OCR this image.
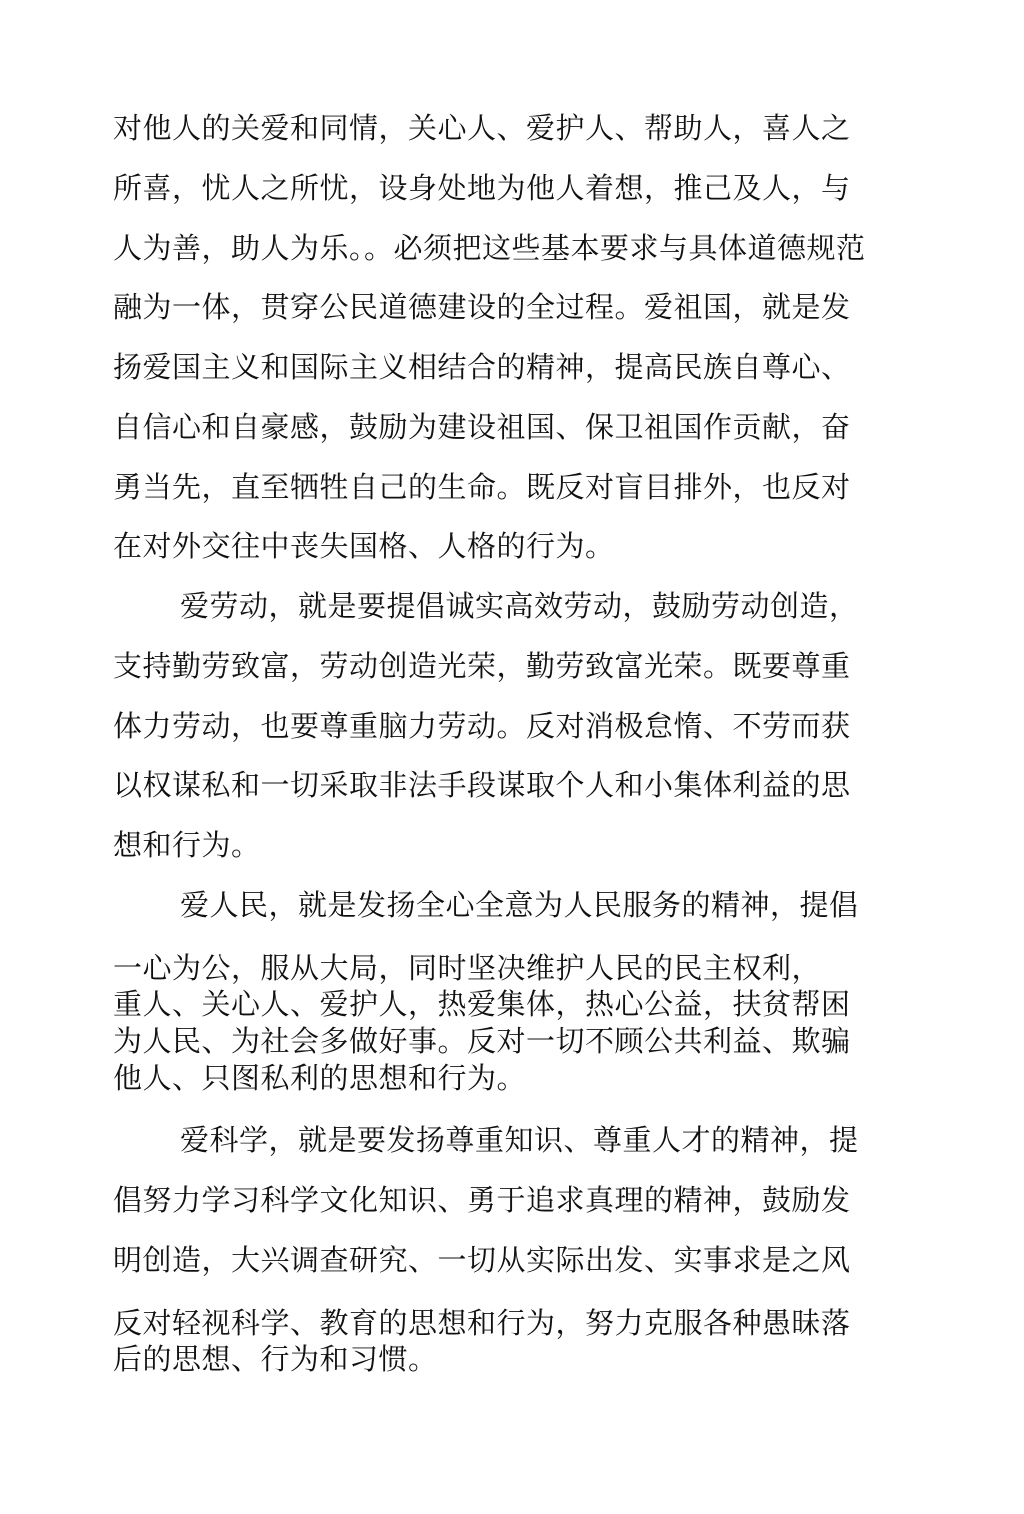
对他人的关爱和同情，关心人、爱护人、帮助人，喜人之
所喜，忧人之所忧，设身处地为他人着想，推己及人，与
人为善，助人为乐。。必须把这些基本要求与具体道德规范
融为一体，贯穿公民道德建设的全过程。爱祖国，就是发
扬爱国主义和国际主义相结合的精神，提高民族自尊心、
自信心和自豪感，鼓励为建设祖国、保卫祖国作贡献，奋
勇当先，直至牺牲自己的生命。既反对盲目排外，也反对
在对外交往中丧失国格、人格的行为。
爱劳动，就是要提倡诚实高效劳动，鼓励劳动创造，
支持勤劳致富，劳动创造光荣，勤劳致富光荣。既要尊重
体力劳动，也要尊重脑力劳动。反对消极怠惰、不劳而获
以权谋私和一切采取非法手段谋取个人和小集体利益的思
想和行为。
爱人民，就是发扬全心全意为人民服务的精神，提倡
一心为公，服从大局，同时坚决维护人民的民主权利，
重人、关心人、爱护人，热爱集体，热心公益，扶贫帮困
为人民、为社会多做好事。反对一切不顾公共利益、欺骗
他人、只图私利的思想和行为。
爱科学，就是要发扬尊重知识、尊重人才的精神，提
倡努力学习科学文化知识、勇于追求真理的精神，鼓励发
明创造，大兴调查研究、一切从实际出发、实事求是之风
反对轻视科学、教育的思想和行为，努力克服各种愚昧落
后的思想、行为和习惯。
